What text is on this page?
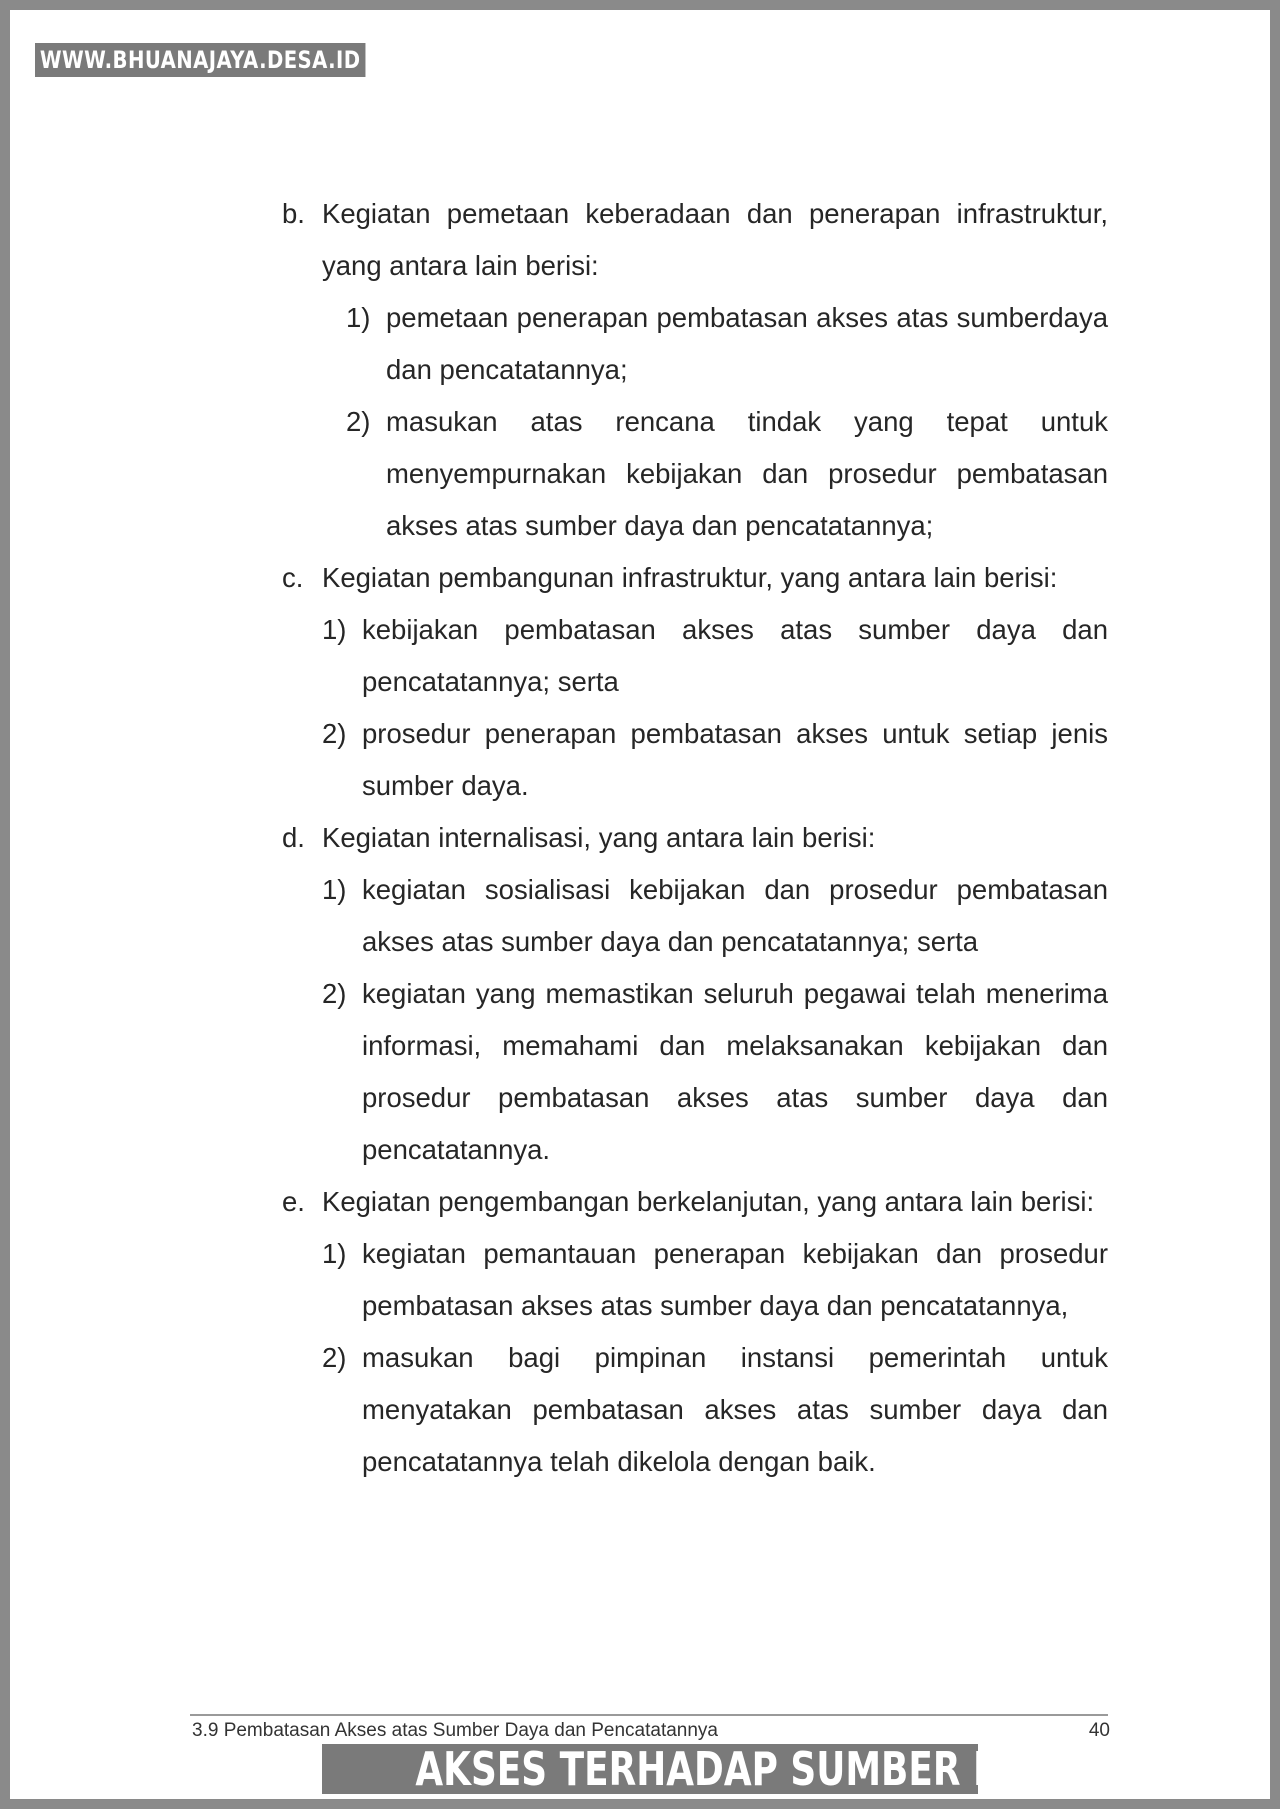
WWW.BHUANAJAYA.DESA.ID
b. Kegiatan pemetaan keberadaan dan penerapan infrastruktur, yang antara lain berisi:
1) pemetaan penerapan pembatasan akses atas sumberdaya dan pencatatannya;
2) masukan atas rencana tindak yang tepat untuk menyempurnakan kebijakan dan prosedur pembatasan akses atas sumber daya dan pencatatannya;
c. Kegiatan pembangunan infrastruktur, yang antara lain berisi:
1) kebijakan pembatasan akses atas sumber daya dan pencatatannya; serta
2) prosedur penerapan pembatasan akses untuk setiap jenis sumber daya.
d. Kegiatan internalisasi, yang antara lain berisi:
1) kegiatan sosialisasi kebijakan dan prosedur pembatasan akses atas sumber daya dan pencatatannya; serta
2) kegiatan yang memastikan seluruh pegawai telah menerima informasi, memahami dan melaksanakan kebijakan dan prosedur pembatasan akses atas sumber daya dan pencatatannya.
e. Kegiatan pengembangan berkelanjutan, yang antara lain berisi:
1) kegiatan pemantauan penerapan kebijakan dan prosedur pembatasan akses atas sumber daya dan pencatatannya,
2) masukan bagi pimpinan instansi pemerintah untuk menyatakan pembatasan akses atas sumber daya dan pencatatannya telah dikelola dengan baik.
3.9 Pembatasan Akses atas Sumber Daya dan Pencatatannya	40
AKSES TERHADAP SUMBER DAYA
